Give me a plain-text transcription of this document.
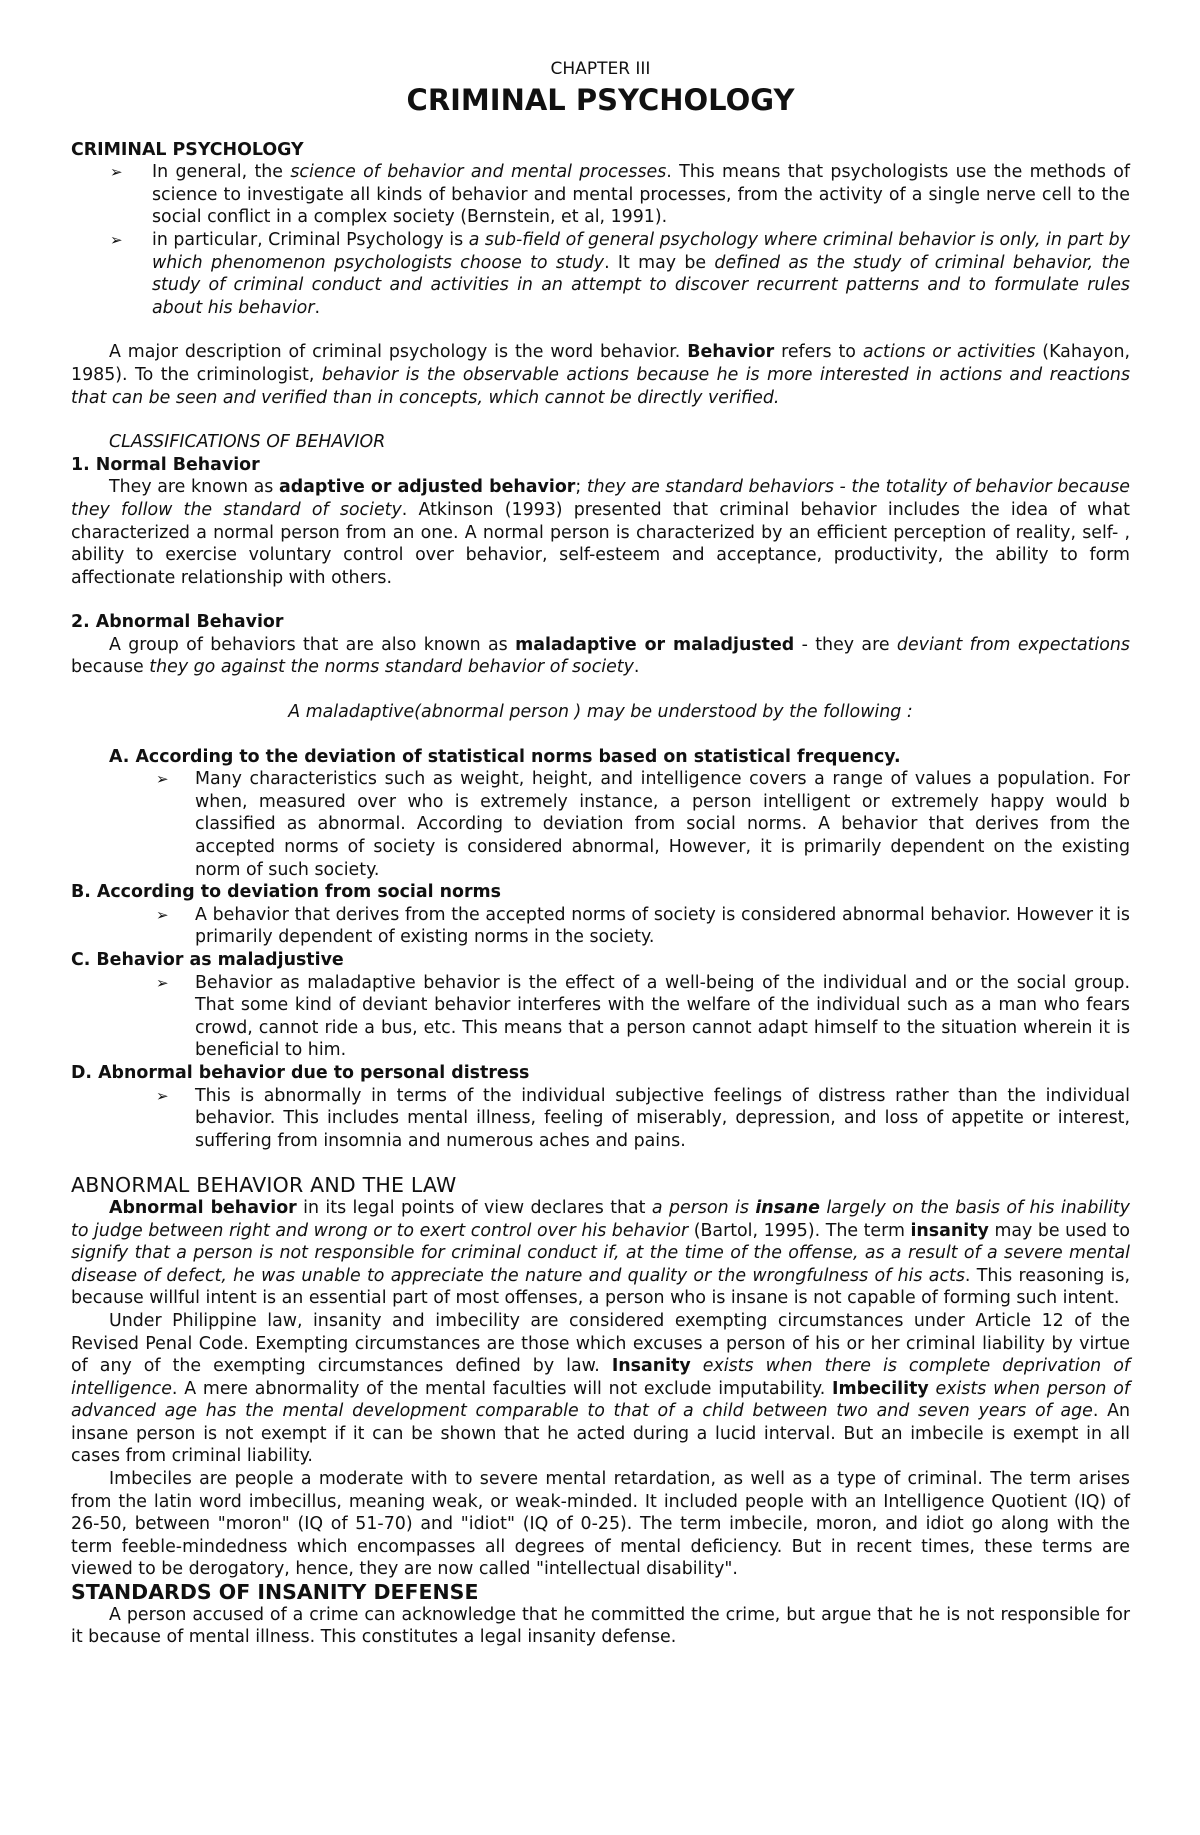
CHAPTER III

CRIMINAL PSYCHOLOGY

CRIMINAL PSYCHOLOGY

➢ In general, the science of behavior and mental processes. This means that psychologists use the methods of science to investigate all kinds of behavior and mental processes, from the activity of a single nerve cell to the social conflict in a complex society (Bernstein, et al, 1991).
➢ in particular, Criminal Psychology is a sub-field of general psychology where criminal behavior is only, in part by which phenomenon psychologists choose to study. It may be defined as the study of criminal behavior, the study of criminal conduct and activities in an attempt to discover recurrent patterns and to formulate rules about his behavior.

A major description of criminal psychology is the word behavior. Behavior refers to actions or activities (Kahayon, 1985). To the criminologist, behavior is the observable actions because he is more interested in actions and reactions that can be seen and verified than in concepts, which cannot be directly verified.

CLASSIFICATIONS OF BEHAVIOR

1. Normal Behavior

They are known as adaptive or adjusted behavior; they are standard behaviors - the totality of behavior because they follow the standard of society. Atkinson (1993) presented that criminal behavior includes the idea of what characterized a normal person from an one. A normal person is characterized by an efficient perception of reality, self- , ability to exercise voluntary control over behavior, self-esteem and acceptance, productivity, the ability to form affectionate relationship with others.

2. Abnormal Behavior

A group of behaviors that are also known as maladaptive or maladjusted - they are deviant from expectations because they go against the norms standard behavior of society.

A maladaptive(abnormal person ) may be understood by the following :

A. According to the deviation of statistical norms based on statistical frequency.

➢ Many characteristics such as weight, height, and intelligence covers a range of values a population. For when, measured over who is extremely instance, a person intelligent or extremely happy would b classified as abnormal. According to deviation from social norms. A behavior that derives from the accepted norms of society is considered abnormal, However, it is primarily dependent on the existing norm of such society.

B. According to deviation from social norms

➢ A behavior that derives from the accepted norms of society is considered abnormal behavior. However it is primarily dependent of existing norms in the society.

C. Behavior as maladjustive

➢ Behavior as maladaptive behavior is the effect of a well-being of the individual and or the social group. That some kind of deviant behavior interferes with the welfare of the individual such as a man who fears crowd, cannot ride a bus, etc. This means that a person cannot adapt himself to the situation wherein it is beneficial to him.

D. Abnormal behavior due to personal distress

➢ This is abnormally in terms of the individual subjective feelings of distress rather than the individual behavior. This includes mental illness, feeling of miserably, depression, and loss of appetite or interest, suffering from insomnia and numerous aches and pains.

ABNORMAL BEHAVIOR AND THE LAW

Abnormal behavior in its legal points of view declares that a person is insane largely on the basis of his inability to judge between right and wrong or to exert control over his behavior (Bartol, 1995). The term insanity may be used to signify that a person is not responsible for criminal conduct if, at the time of the offense, as a result of a severe mental disease of defect, he was unable to appreciate the nature and quality or the wrongfulness of his acts. This reasoning is, because willful intent is an essential part of most offenses, a person who is insane is not capable of forming such intent.

Under Philippine law, insanity and imbecility are considered exempting circumstances under Article 12 of the Revised Penal Code. Exempting circumstances are those which excuses a person of his or her criminal liability by virtue of any of the exempting circumstances defined by law. Insanity exists when there is complete deprivation of intelligence. A mere abnormality of the mental faculties will not exclude imputability. Imbecility exists when person of advanced age has the mental development comparable to that of a child between two and seven years of age. An insane person is not exempt if it can be shown that he acted during a lucid interval. But an imbecile is exempt in all cases from criminal liability.

Imbeciles are people a moderate with to severe mental retardation, as well as a type of criminal. The term arises from the latin word imbecillus, meaning weak, or weak-minded. It included people with an Intelligence Quotient (IQ) of 26-50, between "moron" (IQ of 51-70) and "idiot" (IQ of 0-25). The term imbecile, moron, and idiot go along with the term feeble-mindedness which encompasses all degrees of mental deficiency. But in recent times, these terms are viewed to be derogatory, hence, they are now called "intellectual disability".

STANDARDS OF INSANITY DEFENSE

A person accused of a crime can acknowledge that he committed the crime, but argue that he is not responsible for it because of mental illness. This constitutes a legal insanity defense.
